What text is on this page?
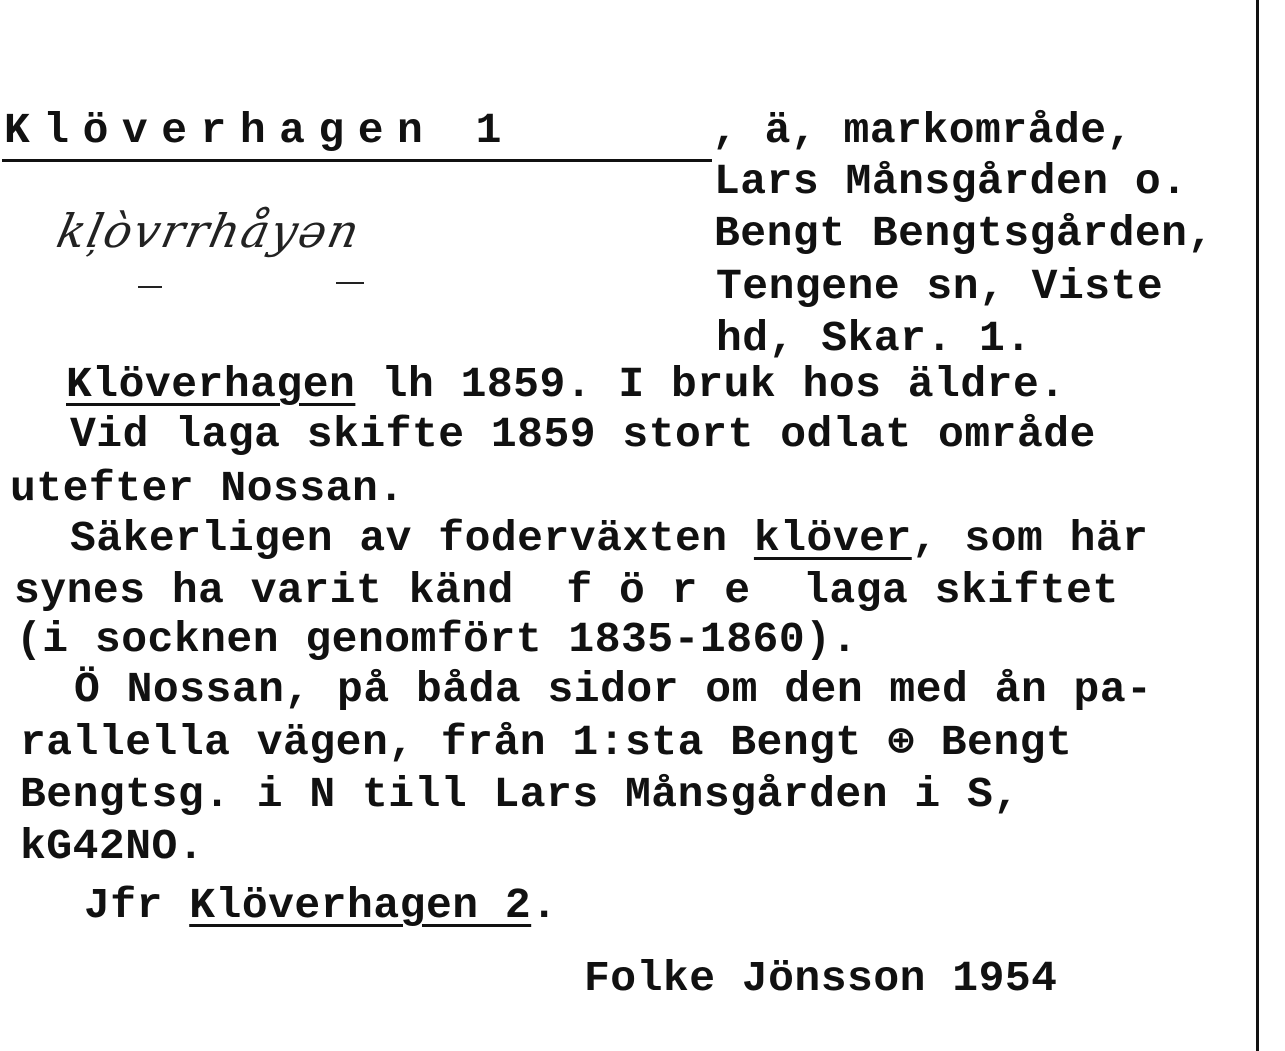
Klöverhagen 1	, ä, markområde,
Lars Månsgården o.
Bengt Bengtsgården,
Tengene sn, Viste
hd, Skar. 1.
kļòvrrhåyən
Klöverhagen lh 1859. I bruk hos äldre.
Vid laga skifte 1859 stort odlat område
utefter Nossan.
Säkerligen av foderväxten klöver, som här
synes ha varit känd  f ö r e  laga skiftet
(i socknen genomfört 1835-1860).
Ö Nossan, på båda sidor om den med ån pa-
rallella vägen, från 1:sta Bengt ⊕ Bengt
Bengtsg. i N till Lars Månsgården i S,
kG42NO.
Jfr Klöverhagen 2.
Folke Jönsson 1954
